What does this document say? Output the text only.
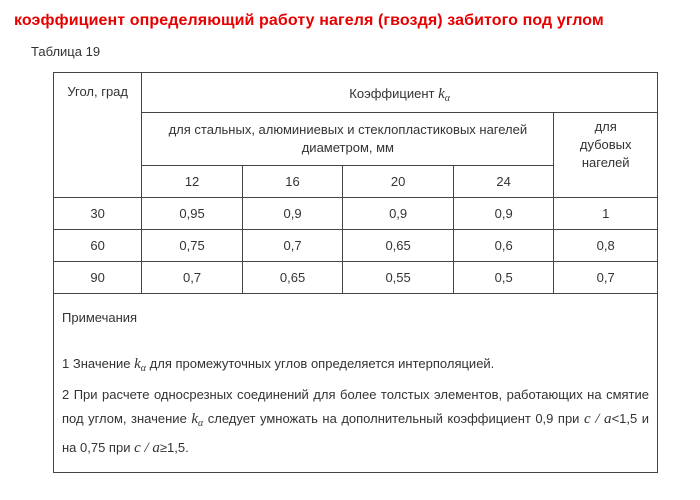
коэффициент определяющий работу нагеля (гвоздя) забитого под углом
Таблица 19
Угол, град	Коэффициент $k_\alpha$
	для стальных, алюминиевых и стеклопластиковых нагелей диаметром, мм				для дубовых нагелей
	12	16	20	24	
30	0,95	0,9	0,9	0,9	1
60	0,75	0,7	0,65	0,6	0,8
90	0,7	0,65	0,55	0,5	0,7

Примечания

1 Значение $k_\alpha$ для промежуточных углов определяется интерполяцией.

2 При расчете односрезных соединений для более толстых элементов, работающих на смятие под углом, значение $k_\alpha$ следует умножать на дополнительный коэффициент 0,9 при c / a<1,5 и на 0,75 при c / a≥1,5.					
